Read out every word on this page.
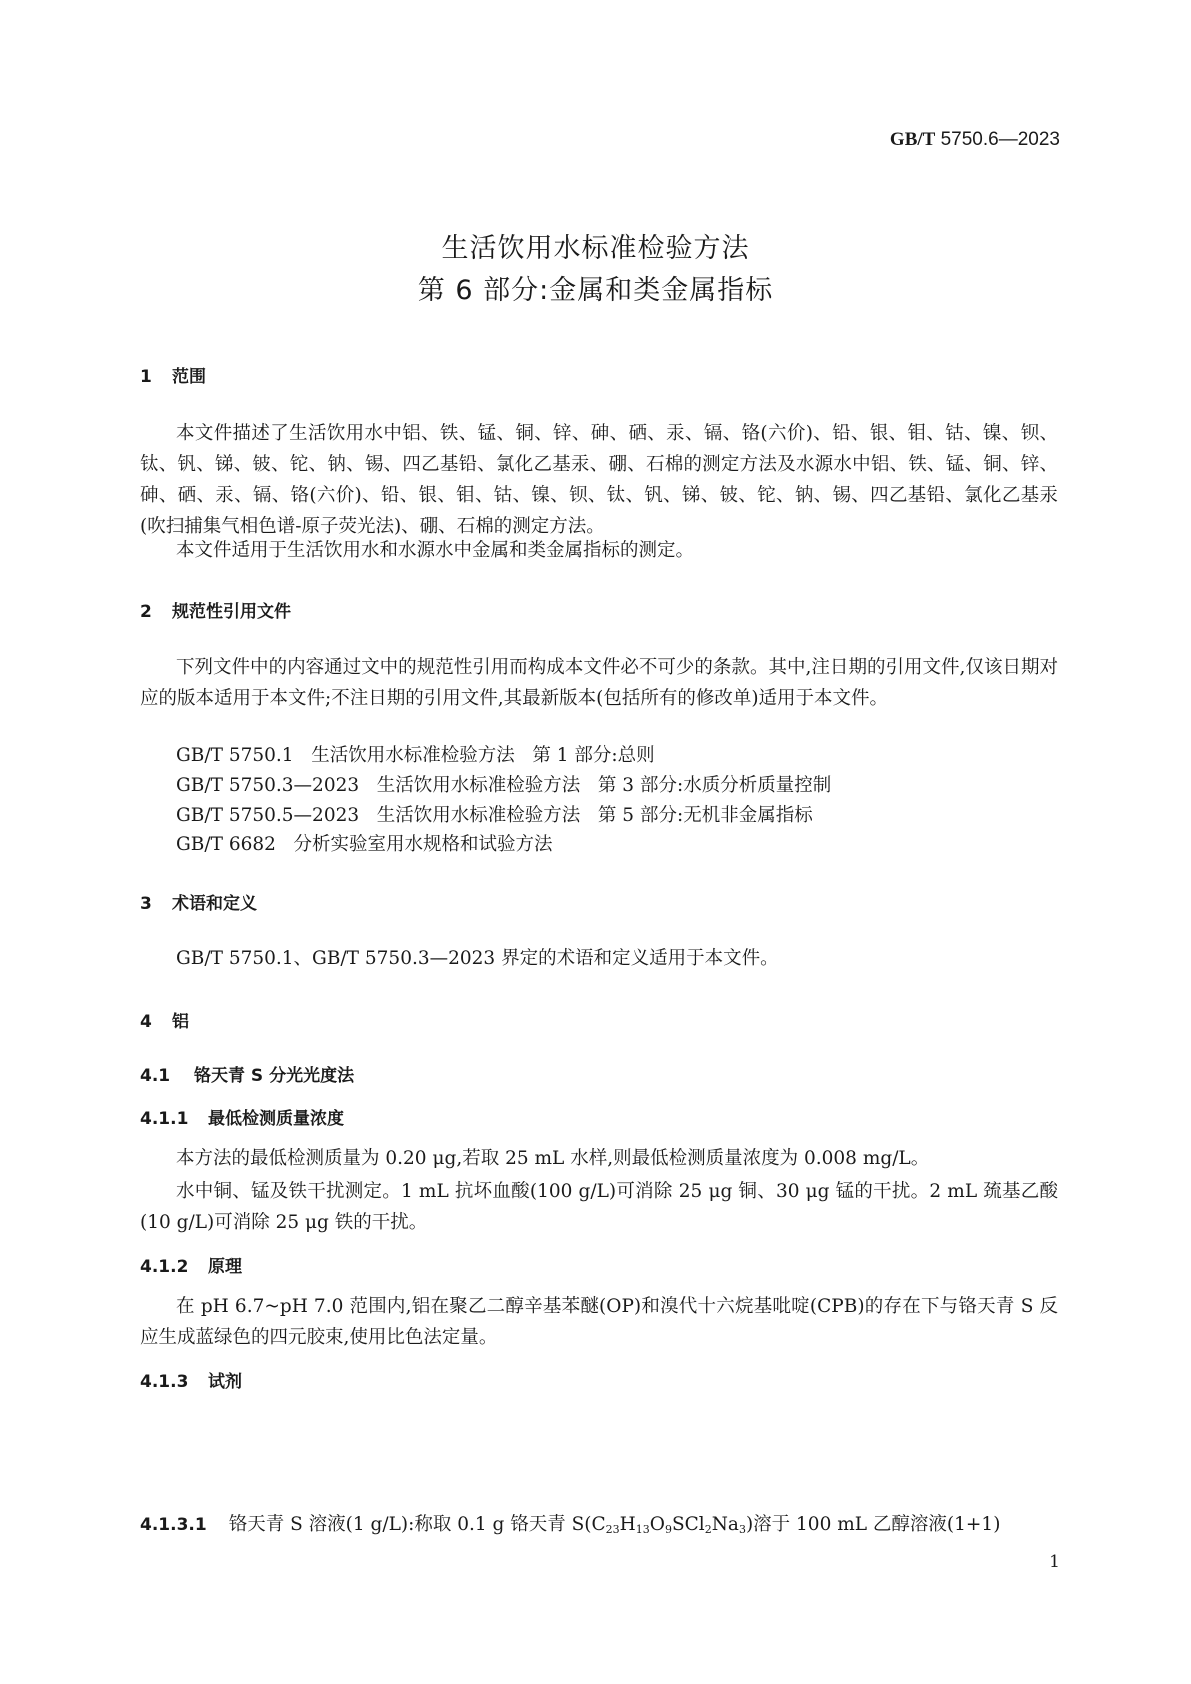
GB/T 5750.6—2023
生活饮用水标准检验方法
第 6 部分:金属和类金属指标
1 范围
本文件描述了生活饮用水中铝、铁、锰、铜、锌、砷、硒、汞、镉、铬(六价)、铅、银、钼、钴、镍、钡、钛、钒、锑、铍、铊、钠、锡、四乙基铅、氯化乙基汞、硼、石棉的测定方法及水源水中铝、铁、锰、铜、锌、砷、硒、汞、镉、铬(六价)、铅、银、钼、钴、镍、钡、钛、钒、锑、铍、铊、钠、锡、四乙基铅、氯化乙基汞(吹扫捕集气相色谱-原子荧光法)、硼、石棉的测定方法。
本文件适用于生活饮用水和水源水中金属和类金属指标的测定。
2 规范性引用文件
下列文件中的内容通过文中的规范性引用而构成本文件必不可少的条款。其中,注日期的引用文件,仅该日期对应的版本适用于本文件;不注日期的引用文件,其最新版本(包括所有的修改单)适用于本文件。
GB/T 5750.1   生活饮用水标准检验方法   第 1 部分:总则
GB/T 5750.3—2023   生活饮用水标准检验方法   第 3 部分:水质分析质量控制
GB/T 5750.5—2023   生活饮用水标准检验方法   第 5 部分:无机非金属指标
GB/T 6682   分析实验室用水规格和试验方法
3 术语和定义
GB/T 5750.1、GB/T 5750.3—2023 界定的术语和定义适用于本文件。
4 铝
4.1 铬天青 S 分光光度法
4.1.1 最低检测质量浓度
本方法的最低检测质量为 0.20 μg,若取 25 mL 水样,则最低检测质量浓度为 0.008 mg/L。
水中铜、锰及铁干扰测定。1 mL 抗坏血酸(100 g/L)可消除 25 μg 铜、30 μg 锰的干扰。2 mL 巯基乙酸(10 g/L)可消除 25 μg 铁的干扰。
4.1.2 原理
在 pH 6.7~pH 7.0 范围内,铝在聚乙二醇辛基苯醚(OP)和溴代十六烷基吡啶(CPB)的存在下与铬天青 S 反应生成蓝绿色的四元胶束,使用比色法定量。
4.1.3 试剂
4.1.3.1 铬天青 S 溶液(1 g/L):称取 0.1 g 铬天青 $S(C_{23}H_{13}O_9SCl_2Na_3)$溶于 100 mL 乙醇溶液(1+1)
1
